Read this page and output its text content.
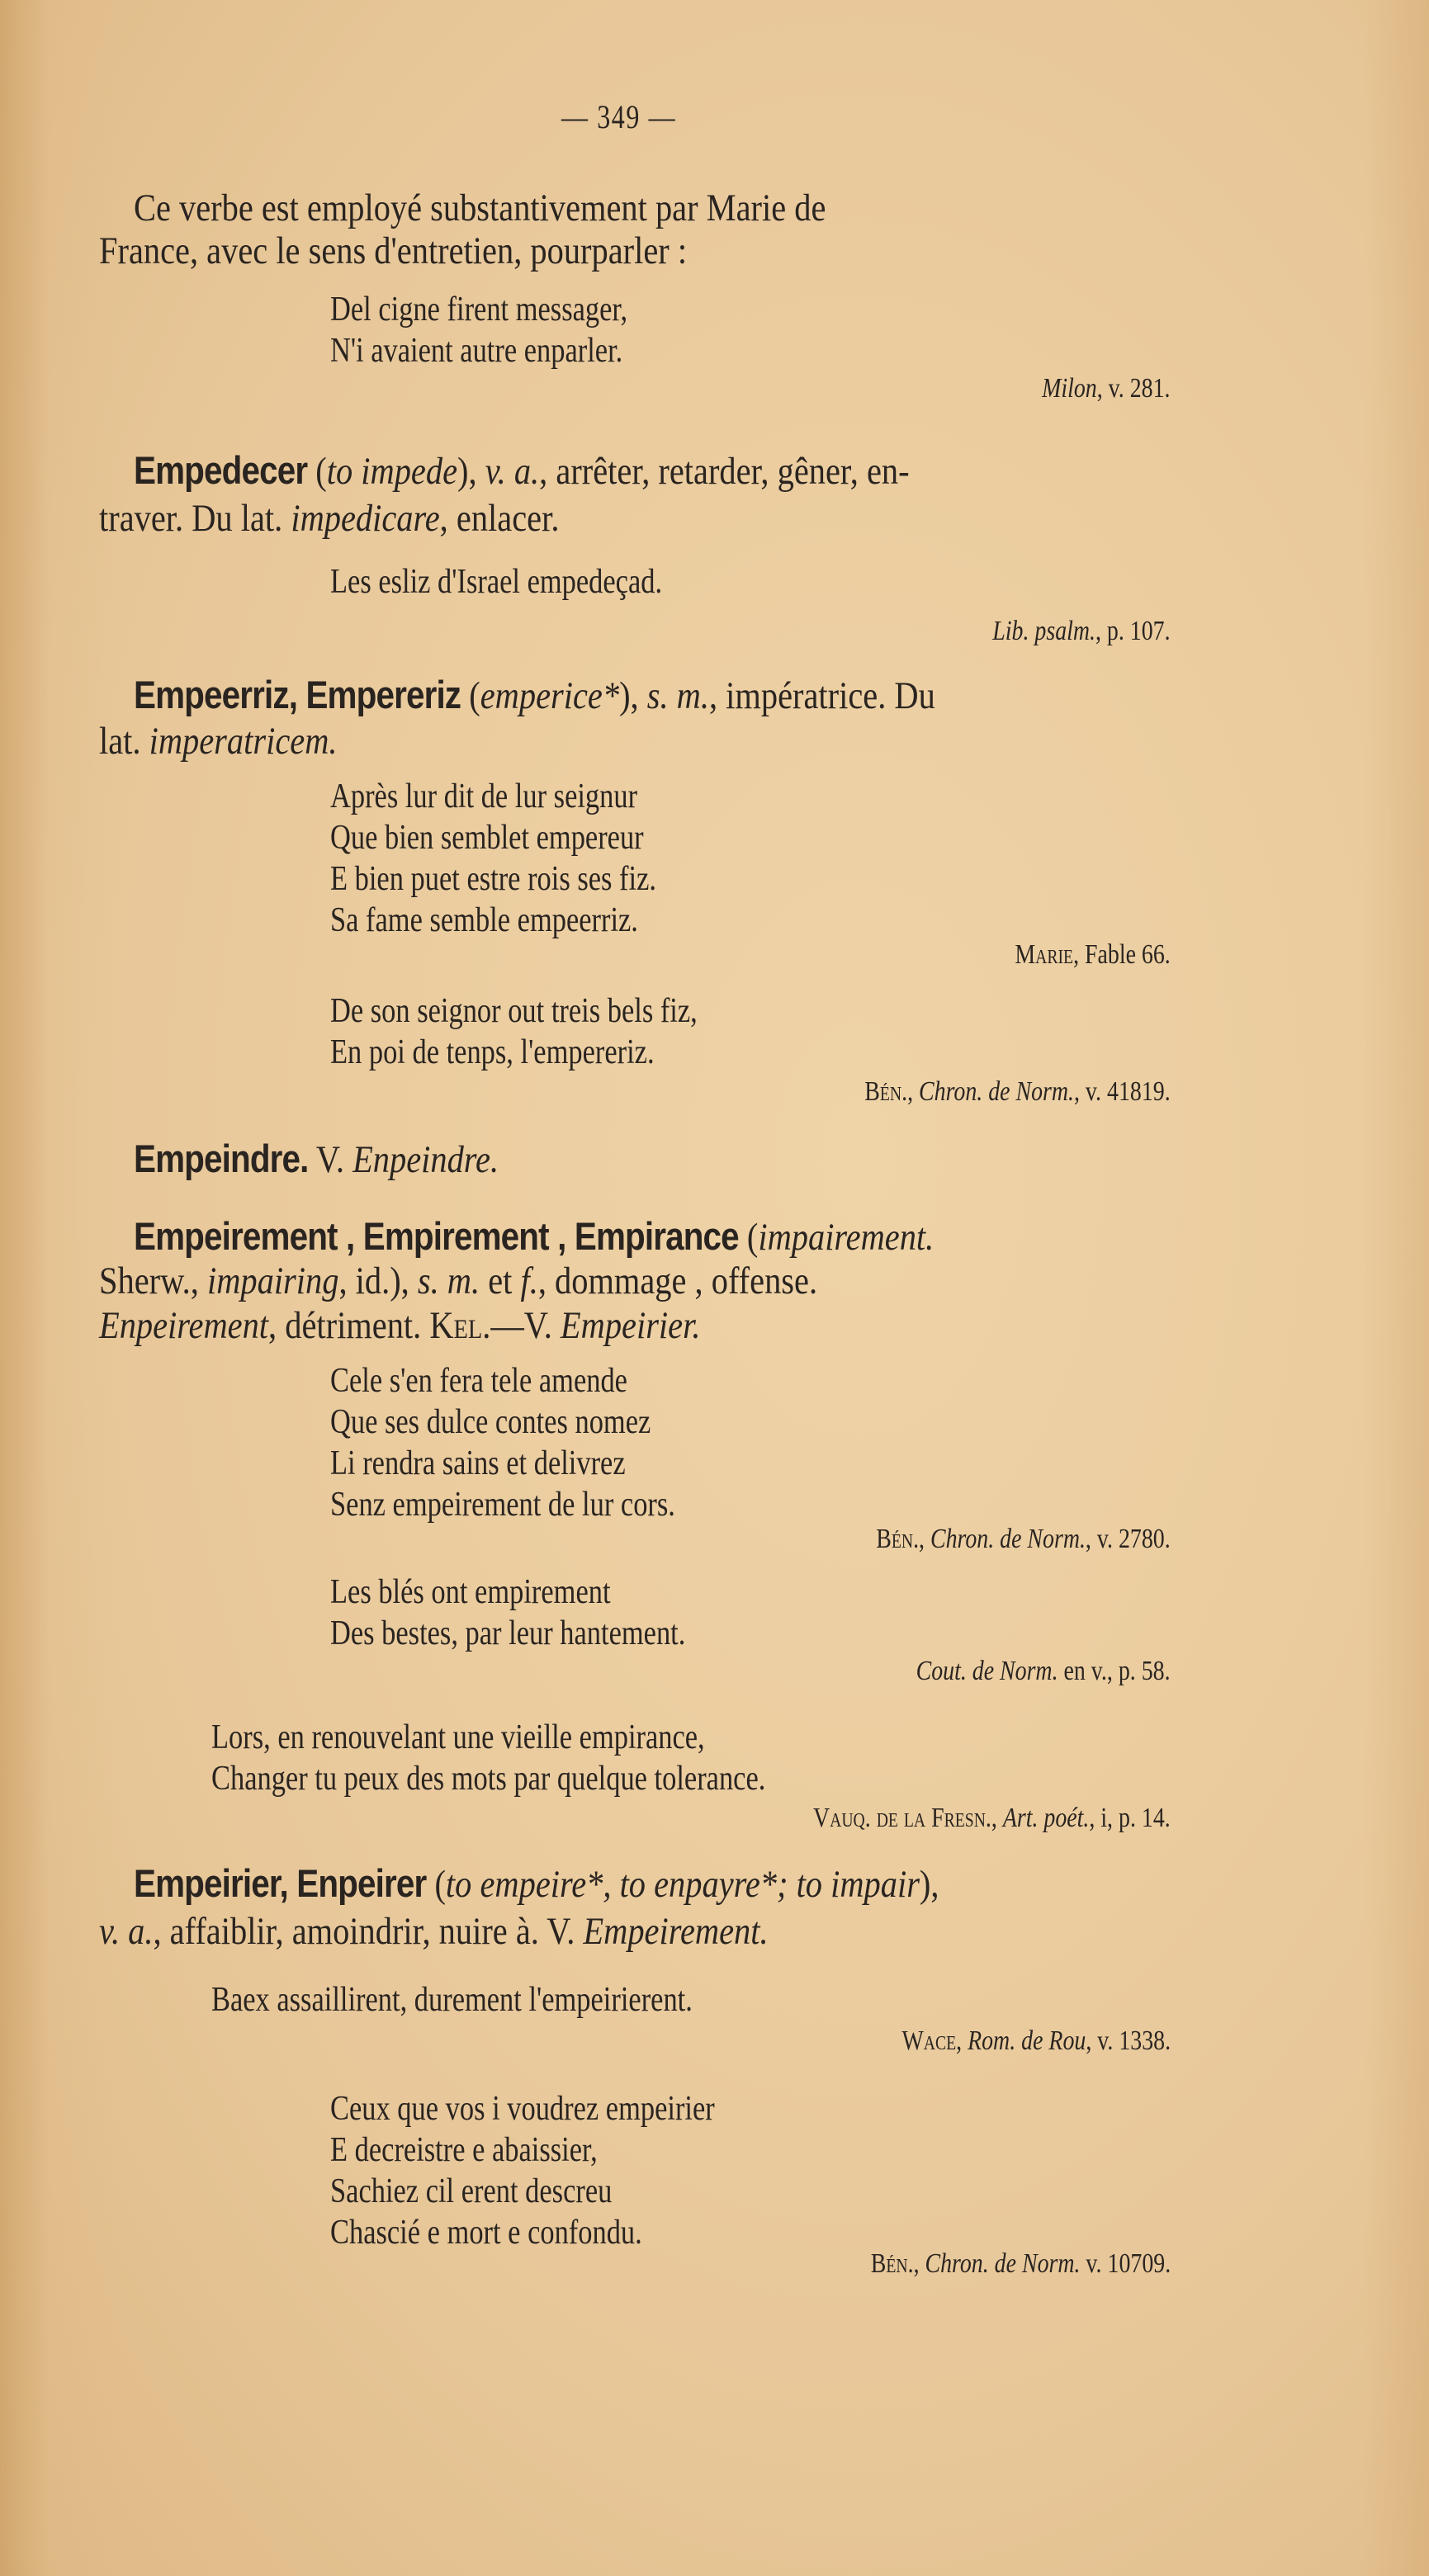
— 349 —
Ce verbe est employé substantivement par Marie de
France, avec le sens d'entretien, pourparler :
Del cigne firent messager,
N'i avaient autre enparler.
Milon, v. 281.
Empedecer (to impede), v. a., arrêter, retarder, gêner, en-
traver. Du lat. impedicare, enlacer.
Les esliz d'Israel empedeçad.
Lib. psalm., p. 107.
Empeerriz, Empereriz (emperice*), s. m., impératrice. Du
lat. imperatricem.
Après lur dit de lur seignur
Que bien semblet empereur
E bien puet estre rois ses fiz.
Sa fame semble empeerriz.
Marie, Fable 66.
De son seignor out treis bels fiz,
En poi de tenps, l'empereriz.
Bén., Chron. de Norm., v. 41819.
Empeindre. V. Enpeindre.
Empeirement , Empirement , Empirance (impairement.
Sherw., impairing, id.), s. m. et f., dommage , offense.
Enpeirement, détriment. Kel.—V. Empeirier.
Cele s'en fera tele amende
Que ses dulce contes nomez
Li rendra sains et delivrez
Senz empeirement de lur cors.
Bén., Chron. de Norm., v. 2780.
Les blés ont empirement
Des bestes, par leur hantement.
Cout. de Norm. en v., p. 58.
Lors, en renouvelant une vieille empirance,
Changer tu peux des mots par quelque tolerance.
Vauq. de la Fresn., Art. poét., i, p. 14.
Empeirier, Enpeirer (to empeire*, to enpayre*; to impair),
v. a., affaiblir, amoindrir, nuire à. V. Empeirement.
Baex assaillirent, durement l'empeirierent.
Wace, Rom. de Rou, v. 1338.
Ceux que vos i voudrez empeirier
E decreistre e abaissier,
Sachiez cil erent descreu
Chascié e mort e confondu.
Bén., Chron. de Norm. v. 10709.
